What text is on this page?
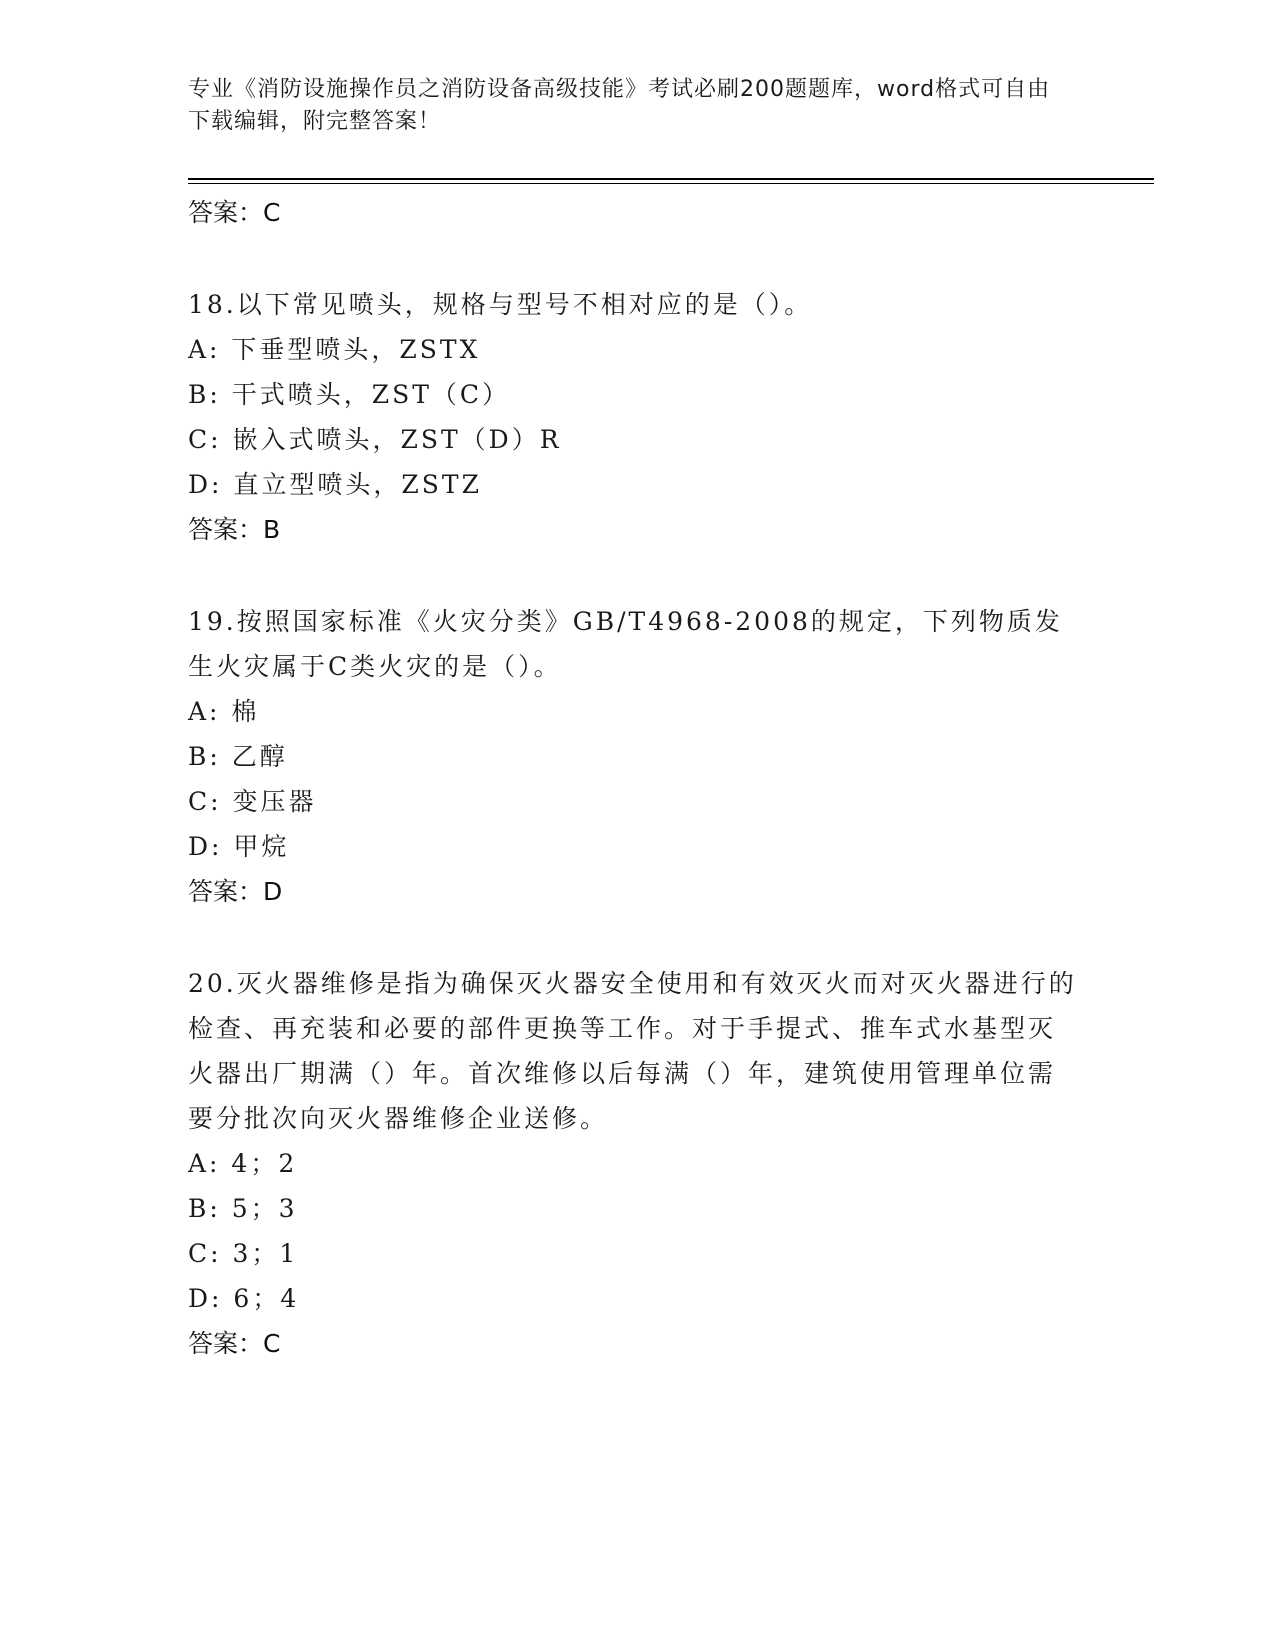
专业《消防设施操作员之消防设备高级技能》考试必刷200题题库，word格式可自由下载编辑，附完整答案！
答案：C
18.以下常见喷头，规格与型号不相对应的是（）。
A: 下垂型喷头，ZSTX
B: 干式喷头，ZST（C）
C: 嵌入式喷头，ZST（D）R
D: 直立型喷头，ZSTZ
答案：B
19.按照国家标准《火灾分类》GB/T4968-2008的规定，下列物质发生火灾属于C类火灾的是（）。
A: 棉
B: 乙醇
C: 变压器
D: 甲烷
答案：D
20.灭火器维修是指为确保灭火器安全使用和有效灭火而对灭火器进行的检查、再充装和必要的部件更换等工作。对于手提式、推车式水基型灭火器出厂期满（）年。首次维修以后每满（）年，建筑使用管理单位需要分批次向灭火器维修企业送修。
A: 4；2
B: 5；3
C: 3；1
D: 6；4
答案：C
